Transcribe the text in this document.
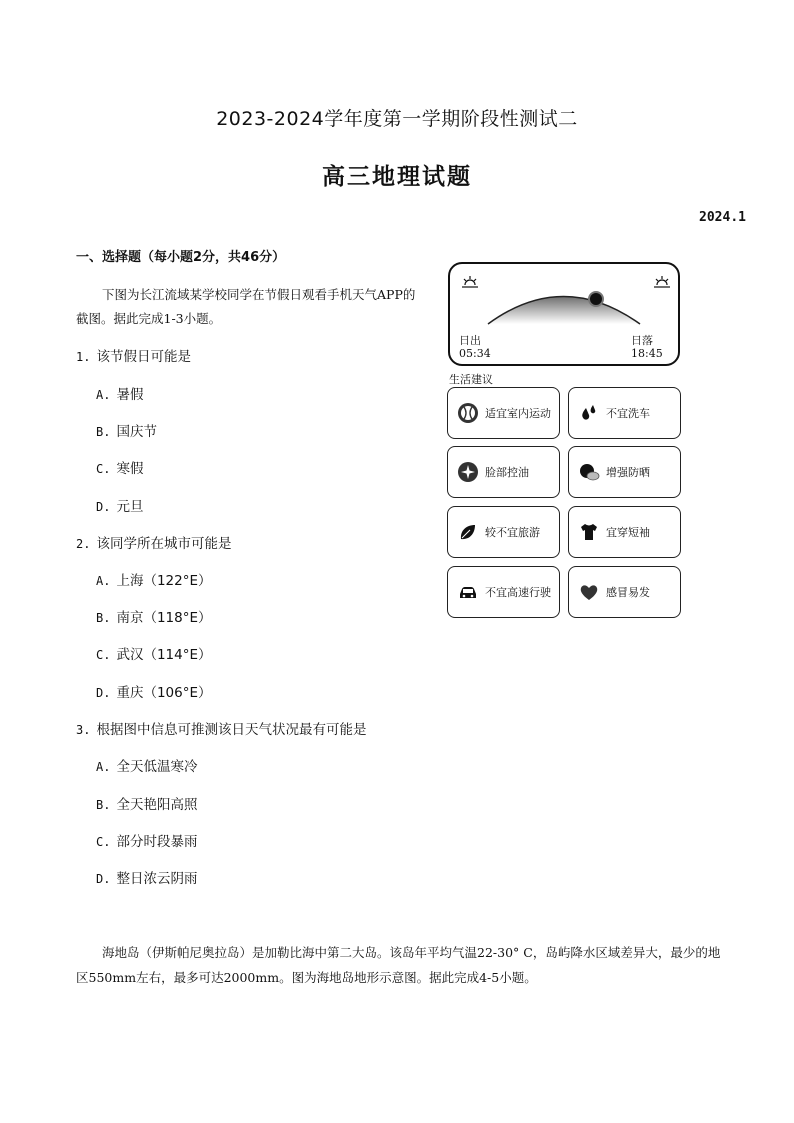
2023-2024学年度第一学期阶段性测试二
高三地理试题
2024.1
一、选择题（每小题2分，共46分）
下图为长江流域某学校同学在节假日观看手机天气APP的截图。据此完成1-3小题。
1. 该节假日可能是
A. 暑假
B. 国庆节
C. 寒假
D. 元旦
2. 该同学所在城市可能是
A. 上海（122°E）
B. 南京（118°E）
C. 武汉（114°E）
D. 重庆（106°E）
3. 根据图中信息可推测该日天气状况最有可能是
A. 全天低温寒冷
B. 全天艳阳高照
C. 部分时段暴雨
D. 整日浓云阴雨
日出
05:34
日落
18:45
生活建议
适宜室内运动	不宜洗车
脸部控油	增强防晒
较不宜旅游	宜穿短袖
不宜高速行驶	感冒易发
海地岛（伊斯帕尼奥拉岛）是加勒比海中第二大岛。该岛年平均气温22-30° C，岛屿降水区域差异大，最少的地区550mm左右，最多可达2000mm。图为海地岛地形示意图。据此完成4-5小题。
